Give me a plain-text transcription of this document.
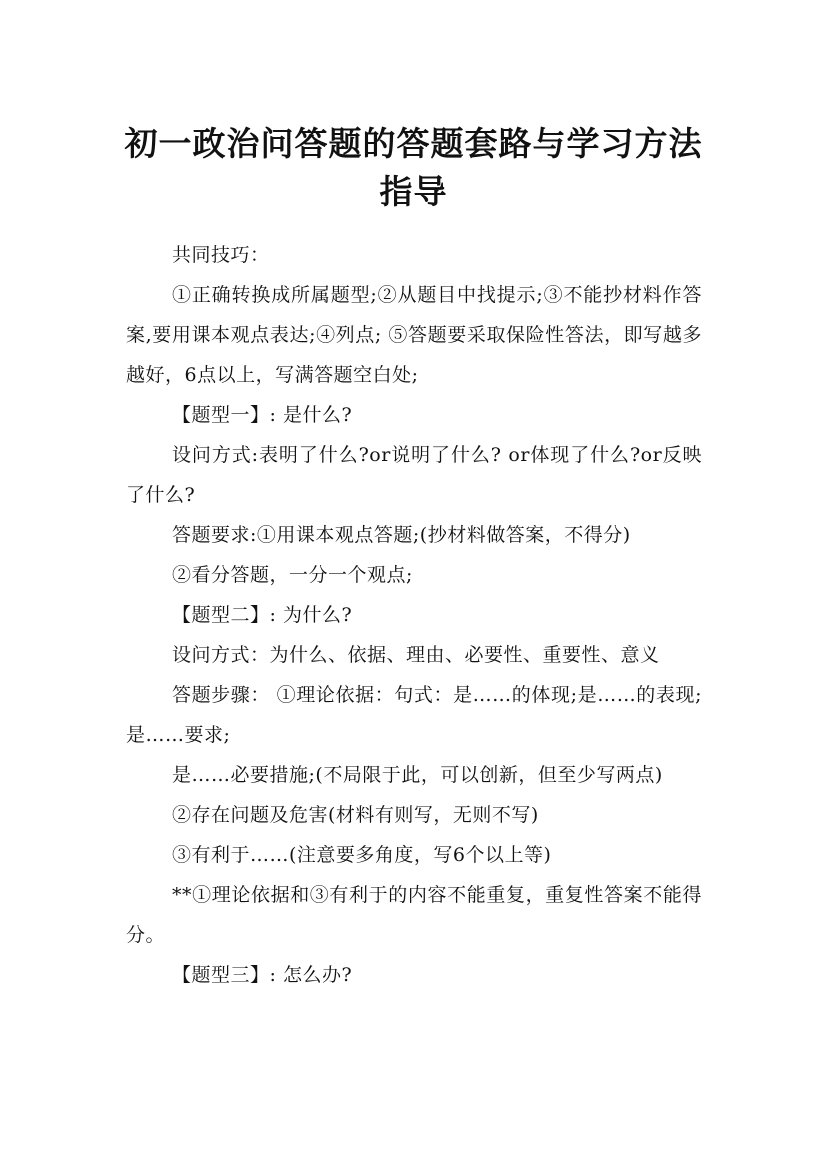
初一政治问答题的答题套路与学习方法指导

共同技巧：

①正确转换成所属题型;②从题目中找提示;③不能抄材料作答案,要用课本观点表达;④列点; ⑤答题要采取保险性答法，即写越多越好，6点以上，写满答题空白处;

【题型一】: 是什么?

设问方式:表明了什么?or说明了什么? or体现了什么?or反映了什么?

答题要求:①用课本观点答题;(抄材料做答案，不得分)

②看分答题，一分一个观点;

【题型二】: 为什么?

设问方式：为什么、依据、理由、必要性、重要性、意义

答题步骤： ①理论依据：句式：是……的体现;是……的表现;是……要求;

是……必要措施;(不局限于此，可以创新，但至少写两点)

②存在问题及危害(材料有则写，无则不写)

③有利于……(注意要多角度，写6个以上等)

**①理论依据和③有利于的内容不能重复，重复性答案不能得分。

【题型三】: 怎么办?
